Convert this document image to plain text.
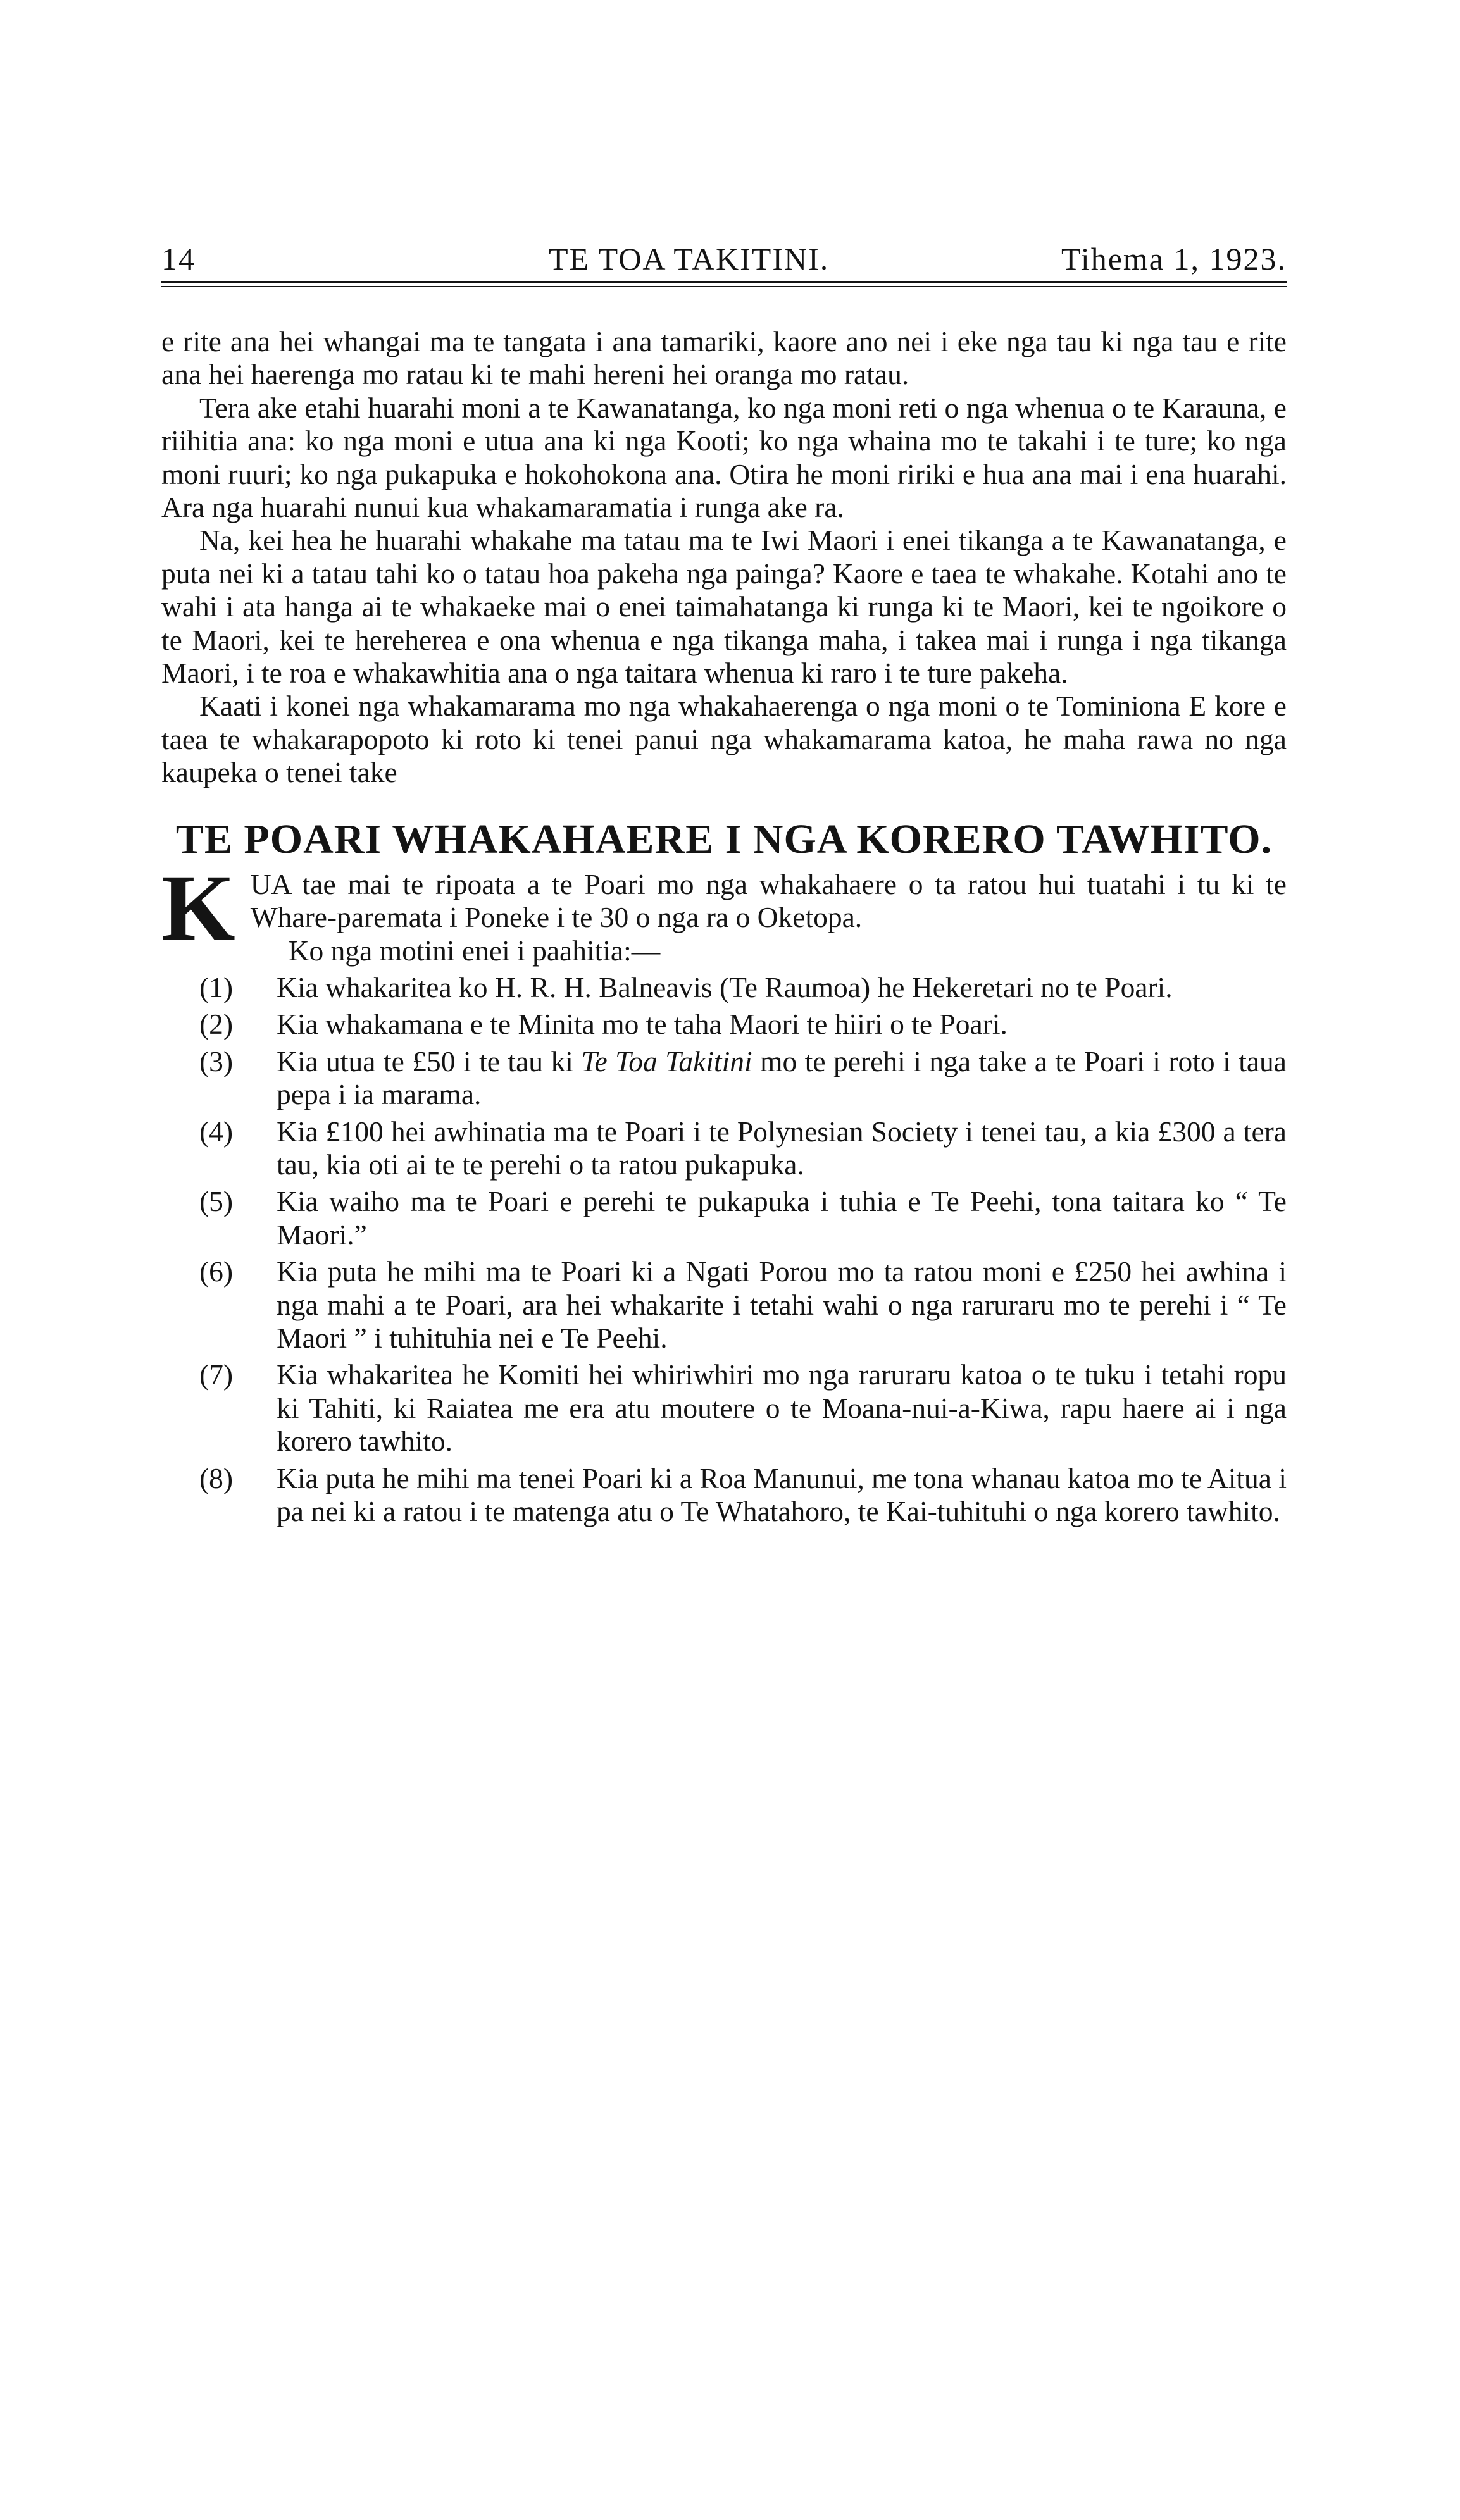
14	TE TOA TAKITINI.	Tihema 1, 1923.

e rite ana hei whangai ma te tangata i ana tamariki, kaore ano nei i eke nga tau ki nga tau e rite ana hei haerenga mo ratau ki te mahi hereni hei oranga mo ratau.

Tera ake etahi huarahi moni a te Kawanatanga, ko nga moni reti o nga whenua o te Karauna, e riihitia ana: ko nga moni e utua ana ki nga Kooti; ko nga whaina mo te takahi i te ture; ko nga moni ruuri; ko nga pukapuka e hokohokona ana. Otira he moni ririki e hua ana mai i ena huarahi. Ara nga huarahi nunui kua whakamaramatia i runga ake ra.

Na, kei hea he huarahi whakahe ma tatau ma te Iwi Maori i enei tikanga a te Kawanatanga, e puta nei ki a tatau tahi ko o tatau hoa pakeha nga painga? Kaore e taea te whakahe. Kotahi ano te wahi i ata hanga ai te whakaeke mai o enei taimahatanga ki runga ki te Maori, kei te ngoikore o te Maori, kei te hereherea e ona whenua e nga tikanga maha, i takea mai i runga i nga tikanga Maori, i te roa e whakawhitia ana o nga taitara whenua ki raro i te ture pakeha.

Kaati i konei nga whakamarama mo nga whakahaerenga o nga moni o te Tominiona E kore e taea te whakarapopoto ki roto ki tenei panui nga whakamarama katoa, he maha rawa no nga kaupeka o tenei take

TE POARI WHAKAHAERE I NGA KORERO TAWHITO.
K UA tae mai te ripoata a te Poari mo nga whakahaere o ta ratou hui tuatahi i tu ki te Whare-paremata i Poneke i te 30 o nga ra o Oketopa.

Ko nga motini enei i paahitia:—

(1) Kia whakaritea ko H. R. H. Balneavis (Te Raumoa) he Hekeretari no te Poari.
(2) Kia whakamana e te Minita mo te taha Maori te hiiri o te Poari.
(3) Kia utua te £50 i te tau ki Te Toa Takitini mo te perehi i nga take a te Poari i roto i taua pepa i ia marama.
(4) Kia £100 hei awhinatia ma te Poari i te Polynesian Society i tenei tau, a kia £300 a tera tau, kia oti ai te te perehi o ta ratou pukapuka.
(5) Kia waiho ma te Poari e perehi te pukapuka i tuhia e Te Peehi, tona taitara ko “ Te Maori.”
(6) Kia puta he mihi ma te Poari ki a Ngati Porou mo ta ratou moni e £250 hei awhina i nga mahi a te Poari, ara hei whakarite i tetahi wahi o nga raruraru mo te perehi i “ Te Maori ” i tuhituhia nei e Te Peehi.
(7) Kia whakaritea he Komiti hei whiriwhiri mo nga raruraru katoa o te tuku i tetahi ropu ki Tahiti, ki Raiatea me era atu moutere o te Moana-nui-a-Kiwa, rapu haere ai i nga korero tawhito.
(8) Kia puta he mihi ma tenei Poari ki a Roa Manunui, me tona whanau katoa mo te Aitua i pa nei ki a ratou i te matenga atu o Te Whatahoro, te Kai-tuhituhi o nga korero tawhito.
